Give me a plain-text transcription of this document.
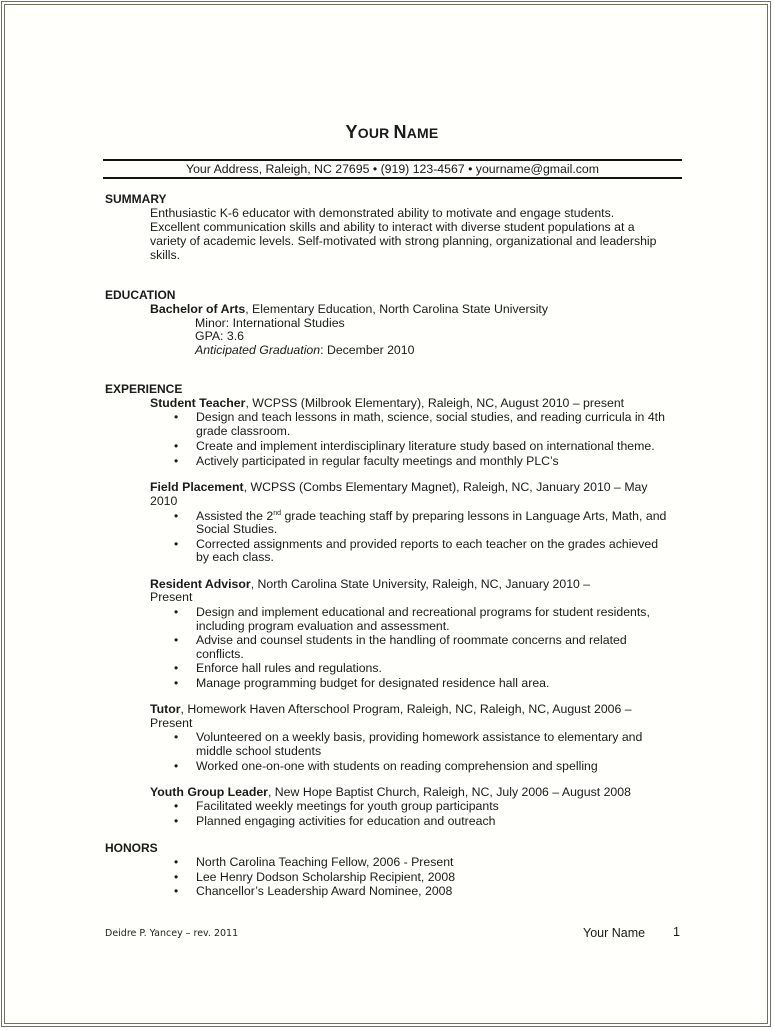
YOUR NAME
Your Address, Raleigh, NC 27695 • (919) 123-4567 • yourname@gmail.com
SUMMARY
Enthusiastic K-6 educator with demonstrated ability to motivate and engage students.
Excellent communication skills and ability to interact with diverse student populations at a
variety of academic levels. Self-motivated with strong planning, organizational and leadership
skills.
EDUCATION
Bachelor of Arts, Elementary Education, North Carolina State University
Minor: International Studies
GPA: 3.6
Anticipated Graduation: December 2010
EXPERIENCE
Student Teacher, WCPSS (Milbrook Elementary), Raleigh, NC, August 2010 – present
• Design and teach lessons in math, science, social studies, and reading curricula in 4th
grade classroom.
• Create and implement interdisciplinary literature study based on international theme.
• Actively participated in regular faculty meetings and monthly PLC’s
Field Placement, WCPSS (Combs Elementary Magnet), Raleigh, NC, January 2010 – May
2010
• Assisted the 2nd grade teaching staff by preparing lessons in Language Arts, Math, and
Social Studies.
• Corrected assignments and provided reports to each teacher on the grades achieved
by each class.
Resident Advisor, North Carolina State University, Raleigh, NC, January 2010 –
Present
• Design and implement educational and recreational programs for student residents,
including program evaluation and assessment.
• Advise and counsel students in the handling of roommate concerns and related
conflicts.
• Enforce hall rules and regulations.
• Manage programming budget for designated residence hall area.
Tutor, Homework Haven Afterschool Program, Raleigh, NC, Raleigh, NC, August 2006 –
Present
• Volunteered on a weekly basis, providing homework assistance to elementary and
middle school students
• Worked one-on-one with students on reading comprehension and spelling
Youth Group Leader, New Hope Baptist Church, Raleigh, NC, July 2006 – August 2008
• Facilitated weekly meetings for youth group participants
• Planned engaging activities for education and outreach
HONORS
• North Carolina Teaching Fellow, 2006 - Present
• Lee Henry Dodson Scholarship Recipient, 2008
• Chancellor’s Leadership Award Nominee, 2008
Deidre P. Yancey – rev. 2011	Your Name 1
